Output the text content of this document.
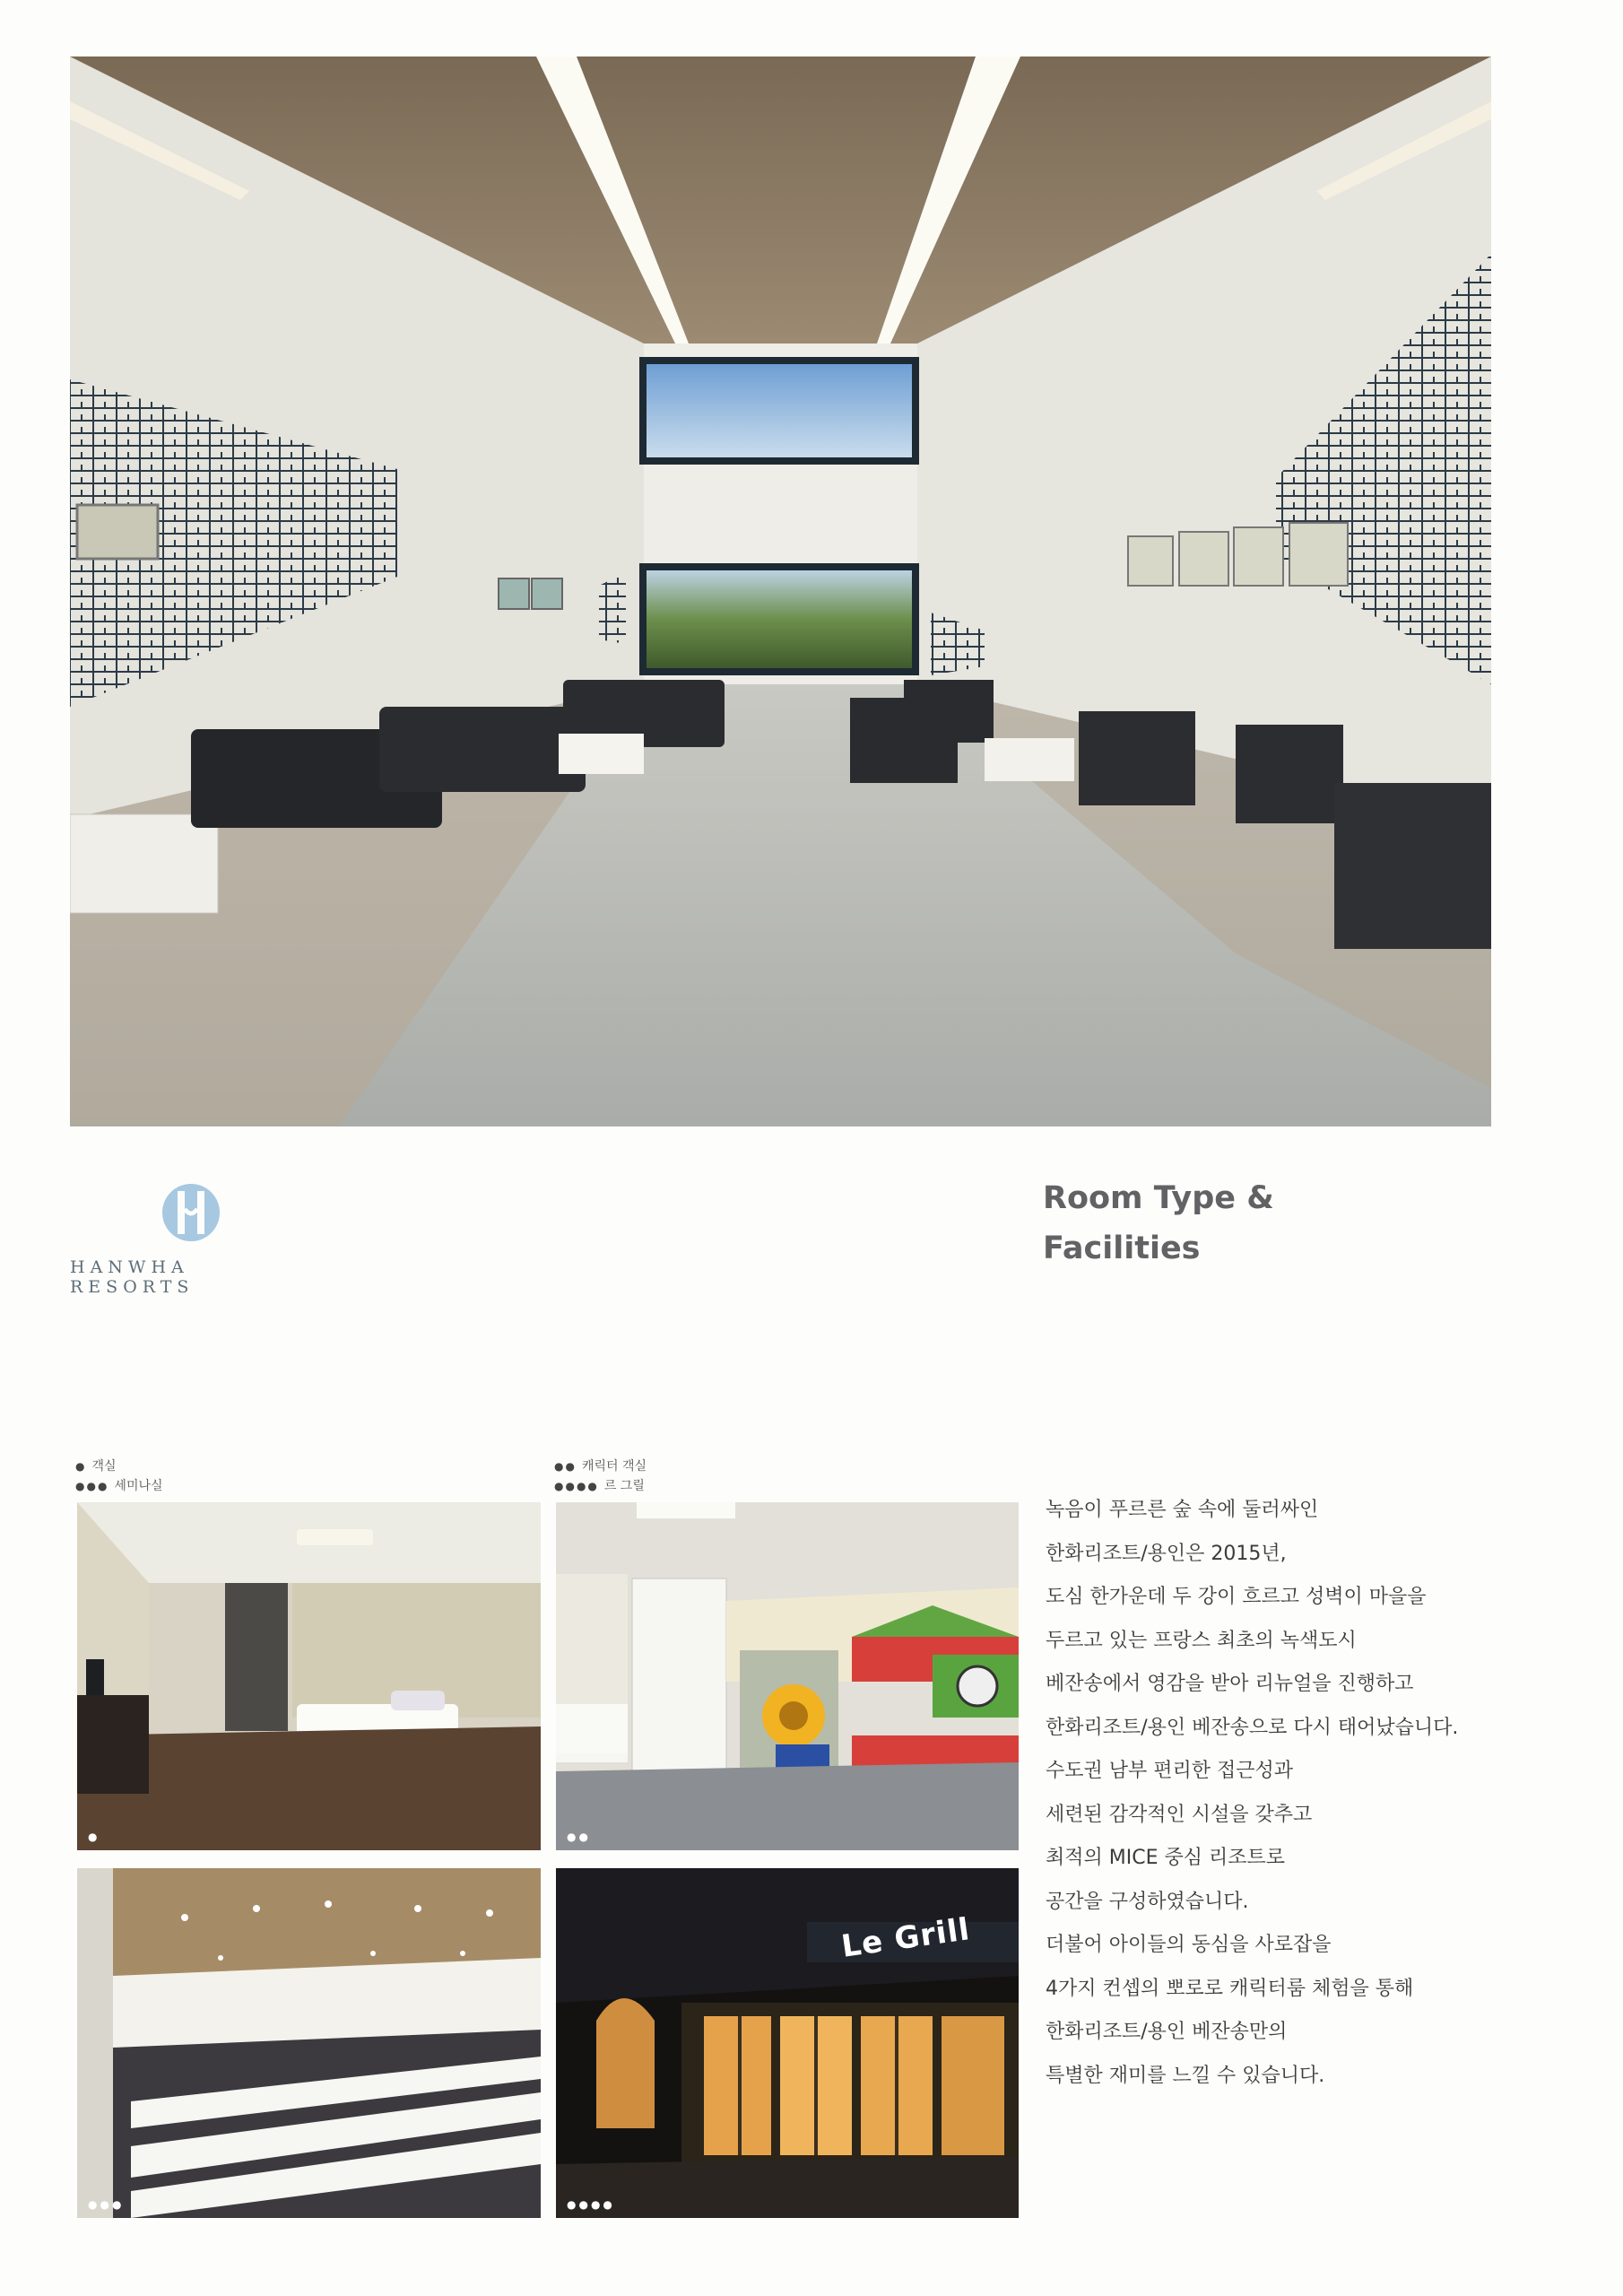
HANWHA RESORTS
Room Type &
Facilities
● 객실
●●● 세미나실
●● 캐릭터 객실
●●●● 르 그릴
●	●●
●●●
Le Grill
●●●●

녹음이 푸르른 숲 속에 둘러싸인

한화리조트/용인은 2015년,

도심 한가운데 두 강이 흐르고 성벽이 마을을

두르고 있는 프랑스 최초의 녹색도시

베잔송에서 영감을 받아 리뉴얼을 진행하고

한화리조트/용인 베잔송으로 다시 태어났습니다.

수도권 남부 편리한 접근성과

세련된 감각적인 시설을 갖추고

최적의 MICE 중심 리조트로

공간을 구성하였습니다.

더불어 아이들의 동심을 사로잡을

4가지 컨셉의 뽀로로 캐릭터룸 체험을 통해

한화리조트/용인 베잔송만의

특별한 재미를 느낄 수 있습니다.
